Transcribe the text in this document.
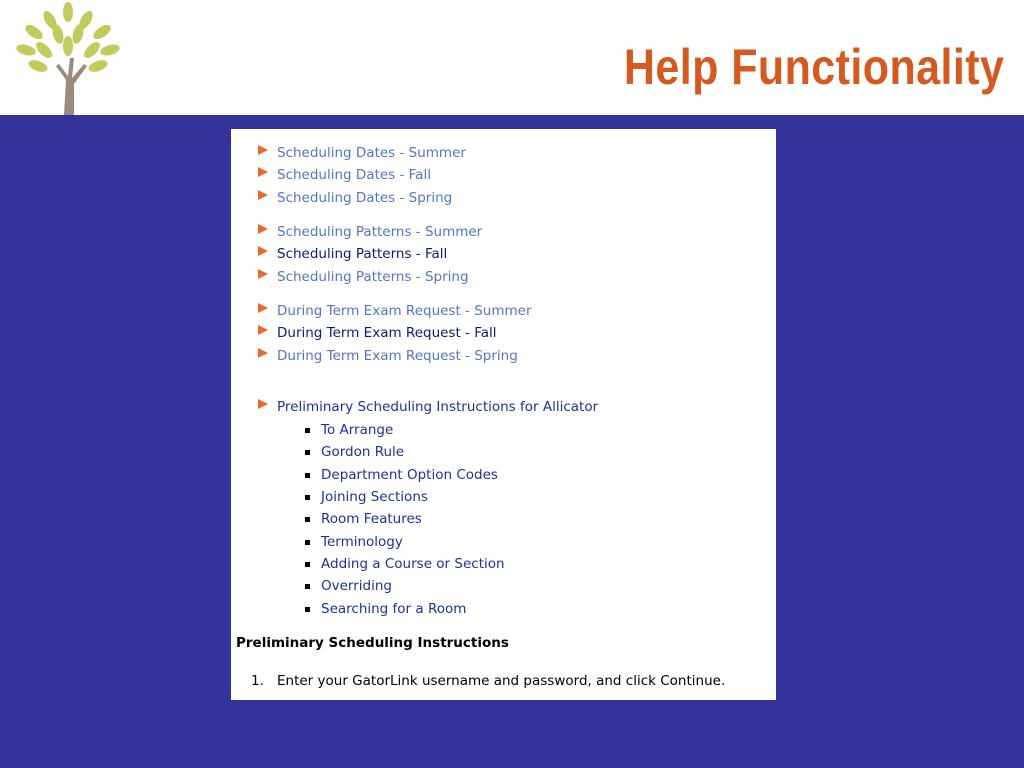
Help Functionality
Scheduling Dates - Summer
Scheduling Dates - Fall
Scheduling Dates - Spring
Scheduling Patterns - Summer
Scheduling Patterns - Fall
Scheduling Patterns - Spring
During Term Exam Request - Summer
During Term Exam Request - Fall
During Term Exam Request - Spring
Preliminary Scheduling Instructions for Allicator
To Arrange
Gordon Rule
Department Option Codes
Joining Sections
Room Features
Terminology
Adding a Course or Section
Overriding
Searching for a Room
Preliminary Scheduling Instructions
1. Enter your GatorLink username and password, and click Continue.
